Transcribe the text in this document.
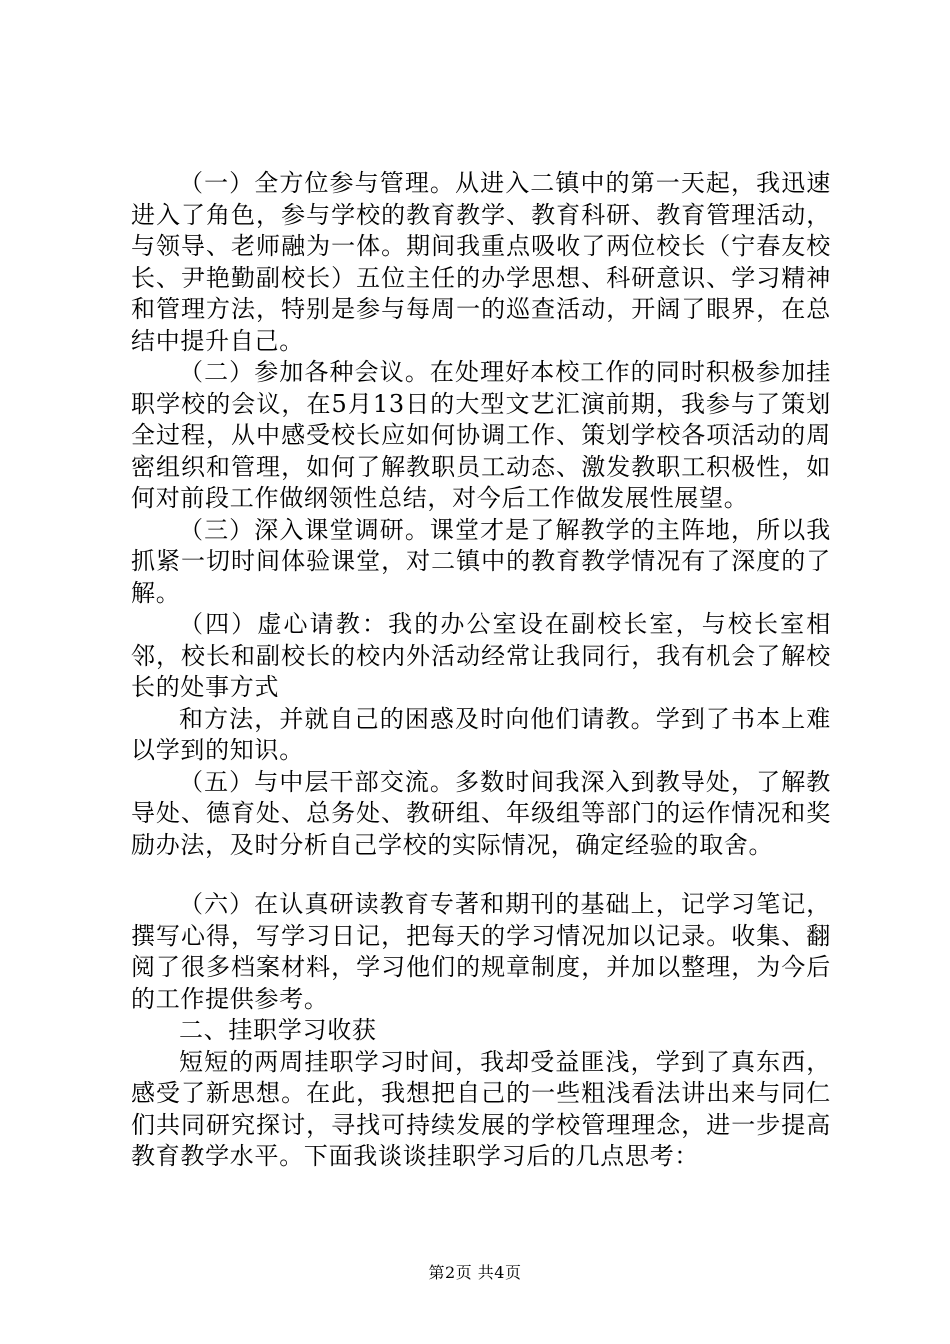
（一）全方位参与管理。从进入二镇中的第一天起，我迅速进入了角色，参与学校的教育教学、教育科研、教育管理活动，与领导、老师融为一体。期间我重点吸收了两位校长（宁春友校长、尹艳勤副校长）五位主任的办学思想、科研意识、学习精神和管理方法，特别是参与每周一的巡查活动，开阔了眼界，在总结中提升自己。

（二）参加各种会议。在处理好本校工作的同时积极参加挂职学校的会议，在5月13日的大型文艺汇演前期，我参与了策划全过程，从中感受校长应如何协调工作、策划学校各项活动的周密组织和管理，如何了解教职员工动态、激发教职工积极性，如何对前段工作做纲领性总结，对今后工作做发展性展望。

（三）深入课堂调研。课堂才是了解教学的主阵地，所以我抓紧一切时间体验课堂，对二镇中的教育教学情况有了深度的了解。

（四）虚心请教：我的办公室设在副校长室，与校长室相邻，校长和副校长的校内外活动经常让我同行，我有机会了解校长的处事方式

和方法，并就自己的困惑及时向他们请教。学到了书本上难以学到的知识。

（五）与中层干部交流。多数时间我深入到教导处，了解教导处、德育处、总务处、教研组、年级组等部门的运作情况和奖励办法，及时分析自己学校的实际情况，确定经验的取舍。

（六）在认真研读教育专著和期刊的基础上，记学习笔记，撰写心得，写学习日记，把每天的学习情况加以记录。收集、翻阅了很多档案材料，学习他们的规章制度，并加以整理，为今后的工作提供参考。

二、挂职学习收获

短短的两周挂职学习时间，我却受益匪浅，学到了真东西，感受了新思想。在此，我想把自己的一些粗浅看法讲出来与同仁们共同研究探讨，寻找可持续发展的学校管理理念，进一步提高教育教学水平。下面我谈谈挂职学习后的几点思考：

第2页 共4页
